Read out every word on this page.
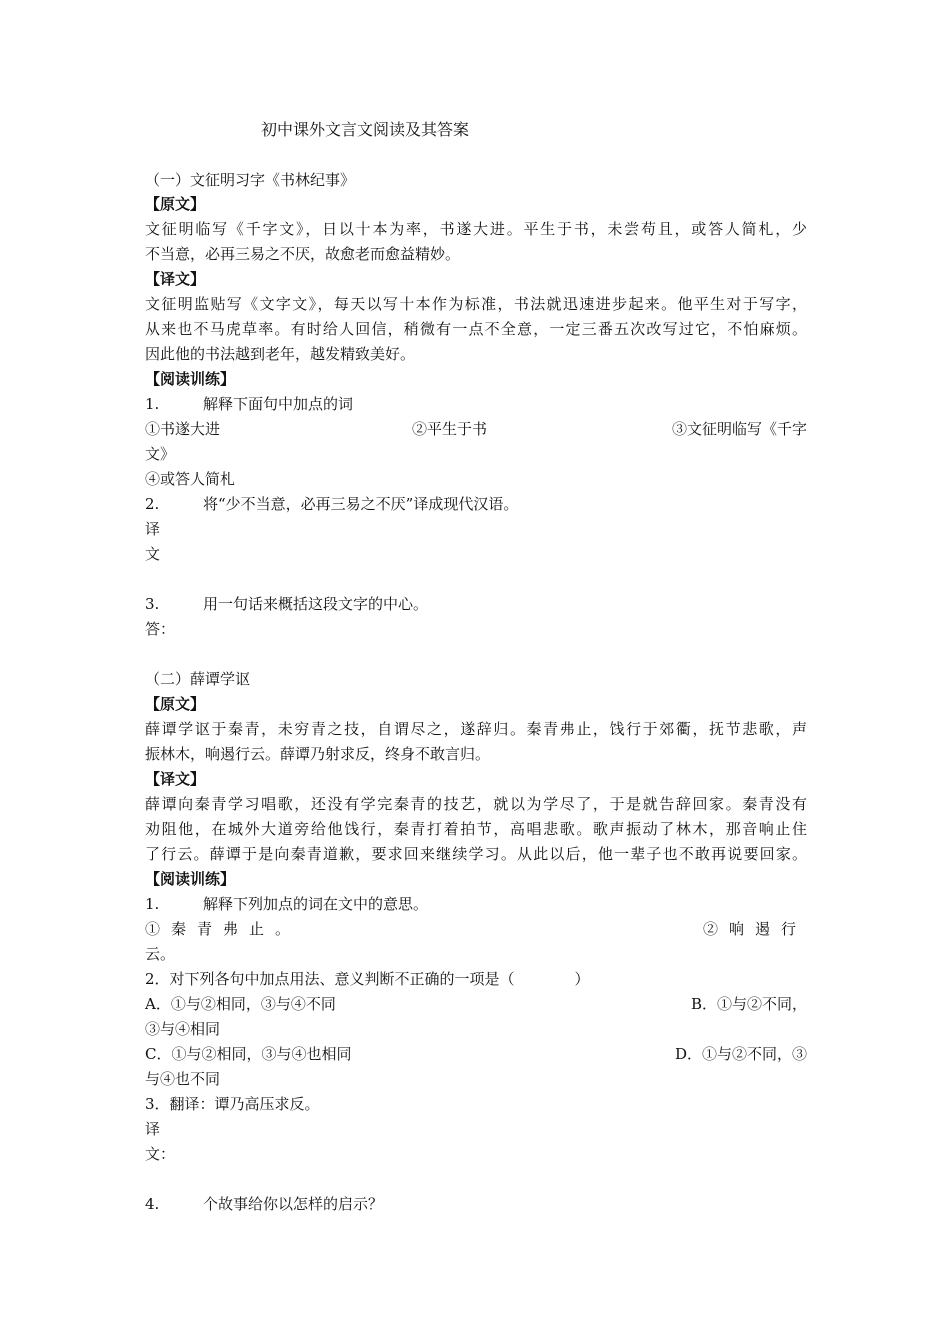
初中课外文言文阅读及其答案
（一）文征明习字《书林纪事》
【原文】
文征明临写《千字文》，日以十本为率，书遂大进。平生于书，未尝苟且，或答人简札，少
不当意，必再三易之不厌，故愈老而愈益精妙。
【译文】
文征明监贴写《文字文》，每天以写十本作为标准，书法就迅速进步起来。他平生对于写字，
从来也不马虎草率。有时给人回信，稍微有一点不全意，一定三番五次改写过它，不怕麻烦。
因此他的书法越到老年，越发精致美好。
【阅读训练】
1.	解释下面句中加点的词
①书遂大进	②平生于书	③文征明临写《千字
文》
④或答人简札
2.	将“少不当意，必再三易之不厌”译成现代汉语。
译
文
3.	用一句话来概括这段文字的中心。
答：
（二）薛谭学讴
【原文】
薛谭学讴于秦青，未穷青之技，自谓尽之，遂辞归。秦青弗止，饯行于郊衢，抚节悲歌，声
振林木，响遏行云。薛谭乃射求反，终身不敢言归。
【译文】
薛谭向秦青学习唱歌，还没有学完秦青的技艺，就以为学尽了，于是就告辞回家。秦青没有
劝阻他，在城外大道旁给他饯行，秦青打着拍节，高唱悲歌。歌声振动了林木，那音响止住
了行云。薛谭于是向秦青道歉，要求回来继续学习。从此以后，他一辈子也不敢再说要回家。
【阅读训练】
1.	解释下列加点的词在文中的意思。
①秦青弗止。	②响遏行
云。
2．对下列各句中加点用法、意义判断不正确的一项是（　　　　）
A．①与②相同，③与④不同	B．①与②不同，
③与④相同
C．①与②相同，③与④也相同	D．①与②不同，③
与④也不同
3．翻译：谭乃高压求反。
译
文：
4.	个故事给你以怎样的启示？
